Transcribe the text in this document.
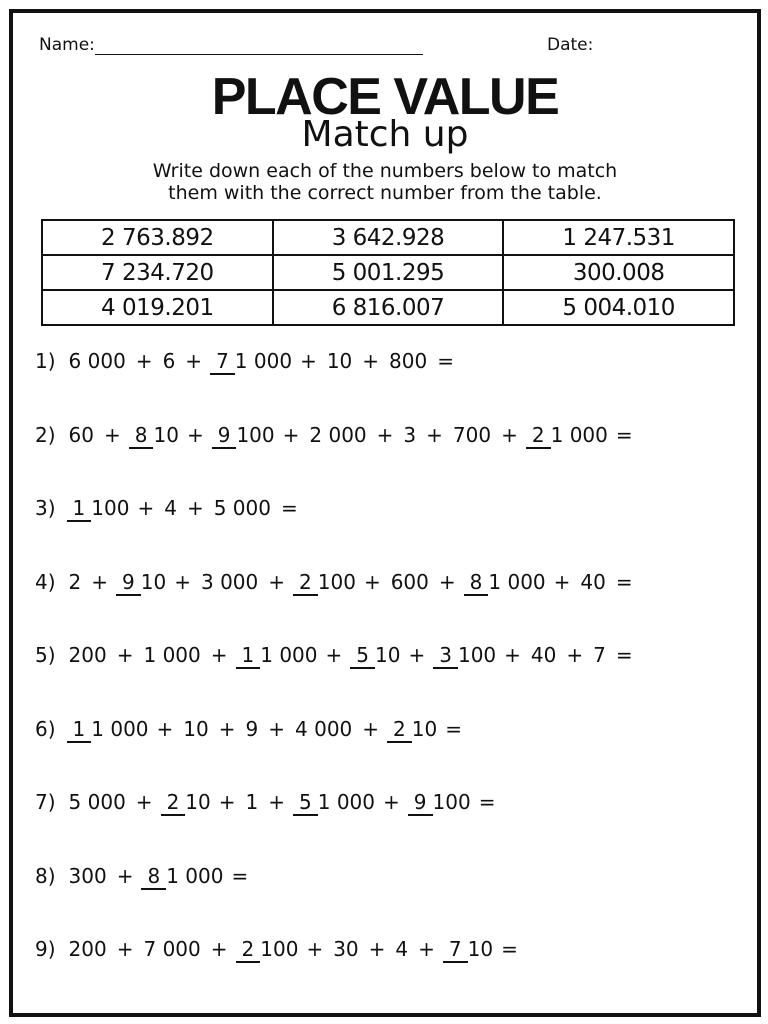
Name:	Date:
PLACE VALUE
Match up
Write down each of the numbers below to match
them with the correct number from the table.
2 763.892	3 642.928	1 247.531
7 234.720	5 001.295	300.008
4 019.201	6 816.007	5 004.010
1) 6 000 + 6 + 7 1 000 + 10 + 800 =
2) 60 + 8 10 + 9 100 + 2 000 + 3 + 700 + 2 1 000 =
3) 1 100 + 4 + 5 000 =
4) 2 + 9 10 + 3 000 + 2 100 + 600 + 8 1 000 + 40 =
5) 200 + 1 000 + 1 1 000 + 5 10 + 3 100 + 40 + 7 =
6) 1 1 000 + 10 + 9 + 4 000 + 2 10 =
7) 5 000 + 2 10 + 1 + 5 1 000 + 9 100 =
8) 300 + 8 1 000 =
9) 200 + 7 000 + 2 100 + 30 + 4 + 7 10 =
